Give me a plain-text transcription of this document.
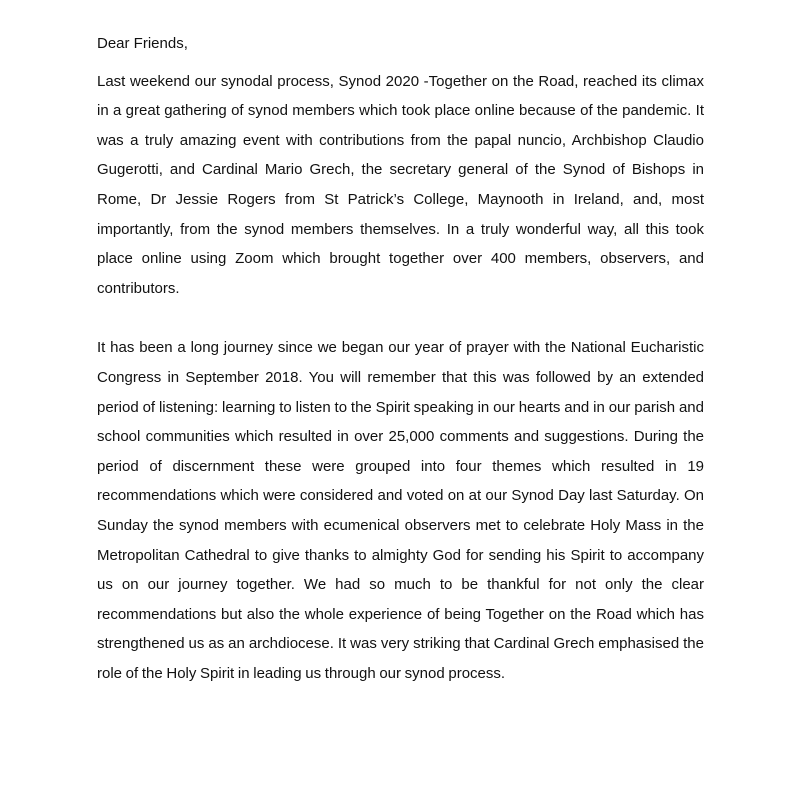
Dear Friends,

Last weekend our synodal process, Synod 2020 -Together on the Road, reached its climax in a great gathering of synod members which took place online because of the pandemic. It was a truly amazing event with contributions from the papal nuncio, Archbishop Claudio Gugerotti, and Cardinal Mario Grech, the secretary general of the Synod of Bishops in Rome, Dr Jessie Rogers from St Patrick’s College, Maynooth in Ireland, and, most importantly, from the synod members themselves. In a truly wonderful way, all this took place online using Zoom which brought together over 400 members, observers, and contributors.

It has been a long journey since we began our year of prayer with the National Eucharistic Congress in September 2018. You will remember that this was followed by an extended period of listening: learning to listen to the Spirit speaking in our hearts and in our parish and school communities which resulted in over 25,000 comments and suggestions. During the period of discernment these were grouped into four themes which resulted in 19 recommendations which were considered and voted on at our Synod Day last Saturday. On Sunday the synod members with ecumenical observers met to celebrate Holy Mass in the Metropolitan Cathedral to give thanks to almighty God for sending his Spirit to accompany us on our journey together. We had so much to be thankful for not only the clear recommendations but also the whole experience of being Together on the Road which has strengthened us as an archdiocese. It was very striking that Cardinal Grech emphasised the role of the Holy Spirit in leading us through our synod process.
